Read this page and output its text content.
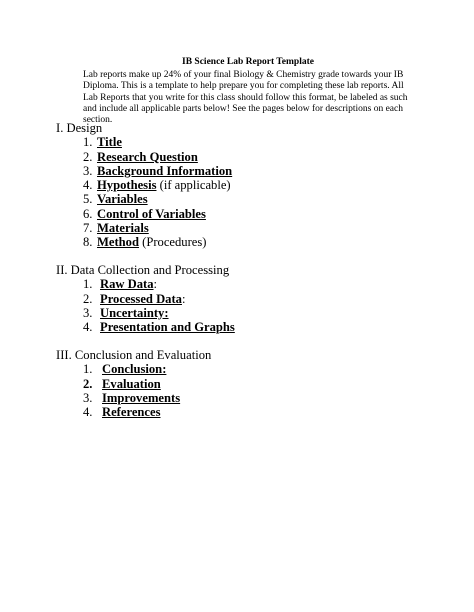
IB Science Lab Report Template

Lab reports make up 24% of your final Biology & Chemistry grade towards your IB Diploma. This is a template to help prepare you for completing these lab reports. All Lab Reports that you write for this class should follow this format, be labeled as such and include all applicable parts below! See the pages below for descriptions on each section.

I. Design

1. Title
2. Research Question
3. Background Information
4. Hypothesis (if applicable)
5. Variables
6. Control of Variables
7. Materials
8. Method (Procedures)

II. Data Collection and Processing

1. Raw Data:
2. Processed Data:
3. Uncertainty:
4. Presentation and Graphs

III. Conclusion and Evaluation

1. Conclusion:
2. Evaluation
3. Improvements
4. References
